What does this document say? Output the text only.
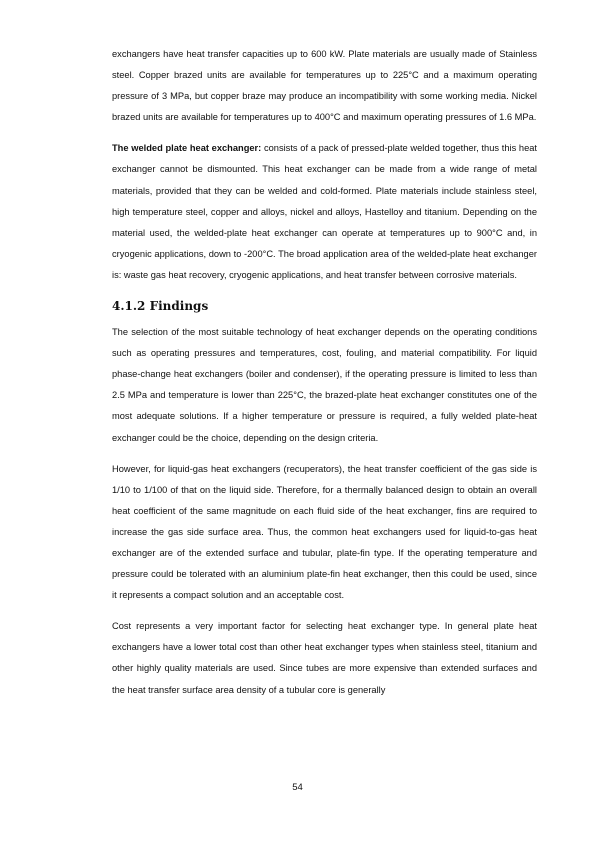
exchangers have heat transfer capacities up to 600 kW. Plate materials are usually made of Stainless steel. Copper brazed units are available for temperatures up to 225°C and a maximum operating pressure of 3 MPa, but copper braze may produce an incompatibility with some working media. Nickel brazed units are available for temperatures up to 400°C and maximum operating pressures of 1.6 MPa.

The welded plate heat exchanger: consists of a pack of pressed-plate welded together, thus this heat exchanger cannot be dismounted. This heat exchanger can be made from a wide range of metal materials, provided that they can be welded and cold-formed. Plate materials include stainless steel, high temperature steel, copper and alloys, nickel and alloys, Hastelloy and titanium. Depending on the material used, the welded-plate heat exchanger can operate at temperatures up to 900°C and, in cryogenic applications, down to -200°C. The broad application area of the welded-plate heat exchanger is: waste gas heat recovery, cryogenic applications, and heat transfer between corrosive materials.

4.1.2 Findings

The selection of the most suitable technology of heat exchanger depends on the operating conditions such as operating pressures and temperatures, cost, fouling, and material compatibility. For liquid phase-change heat exchangers (boiler and condenser), if the operating pressure is limited to less than 2.5 MPa and temperature is lower than 225°C, the brazed-plate heat exchanger constitutes one of the most adequate solutions. If a higher temperature or pressure is required, a fully welded plate-heat exchanger could be the choice, depending on the design criteria.

However, for liquid-gas heat exchangers (recuperators), the heat transfer coefficient of the gas side is 1/10 to 1/100 of that on the liquid side. Therefore, for a thermally balanced design to obtain an overall heat coefficient of the same magnitude on each fluid side of the heat exchanger, fins are required to increase the gas side surface area. Thus, the common heat exchangers used for liquid-to-gas heat exchanger are of the extended surface and tubular, plate-fin type. If the operating temperature and pressure could be tolerated with an aluminium plate-fin heat exchanger, then this could be used, since it represents a compact solution and an acceptable cost.

Cost represents a very important factor for selecting heat exchanger type. In general plate heat exchangers have a lower total cost than other heat exchanger types when stainless steel, titanium and other highly quality materials are used. Since tubes are more expensive than extended surfaces and the heat transfer surface area density of a tubular core is generally

54
